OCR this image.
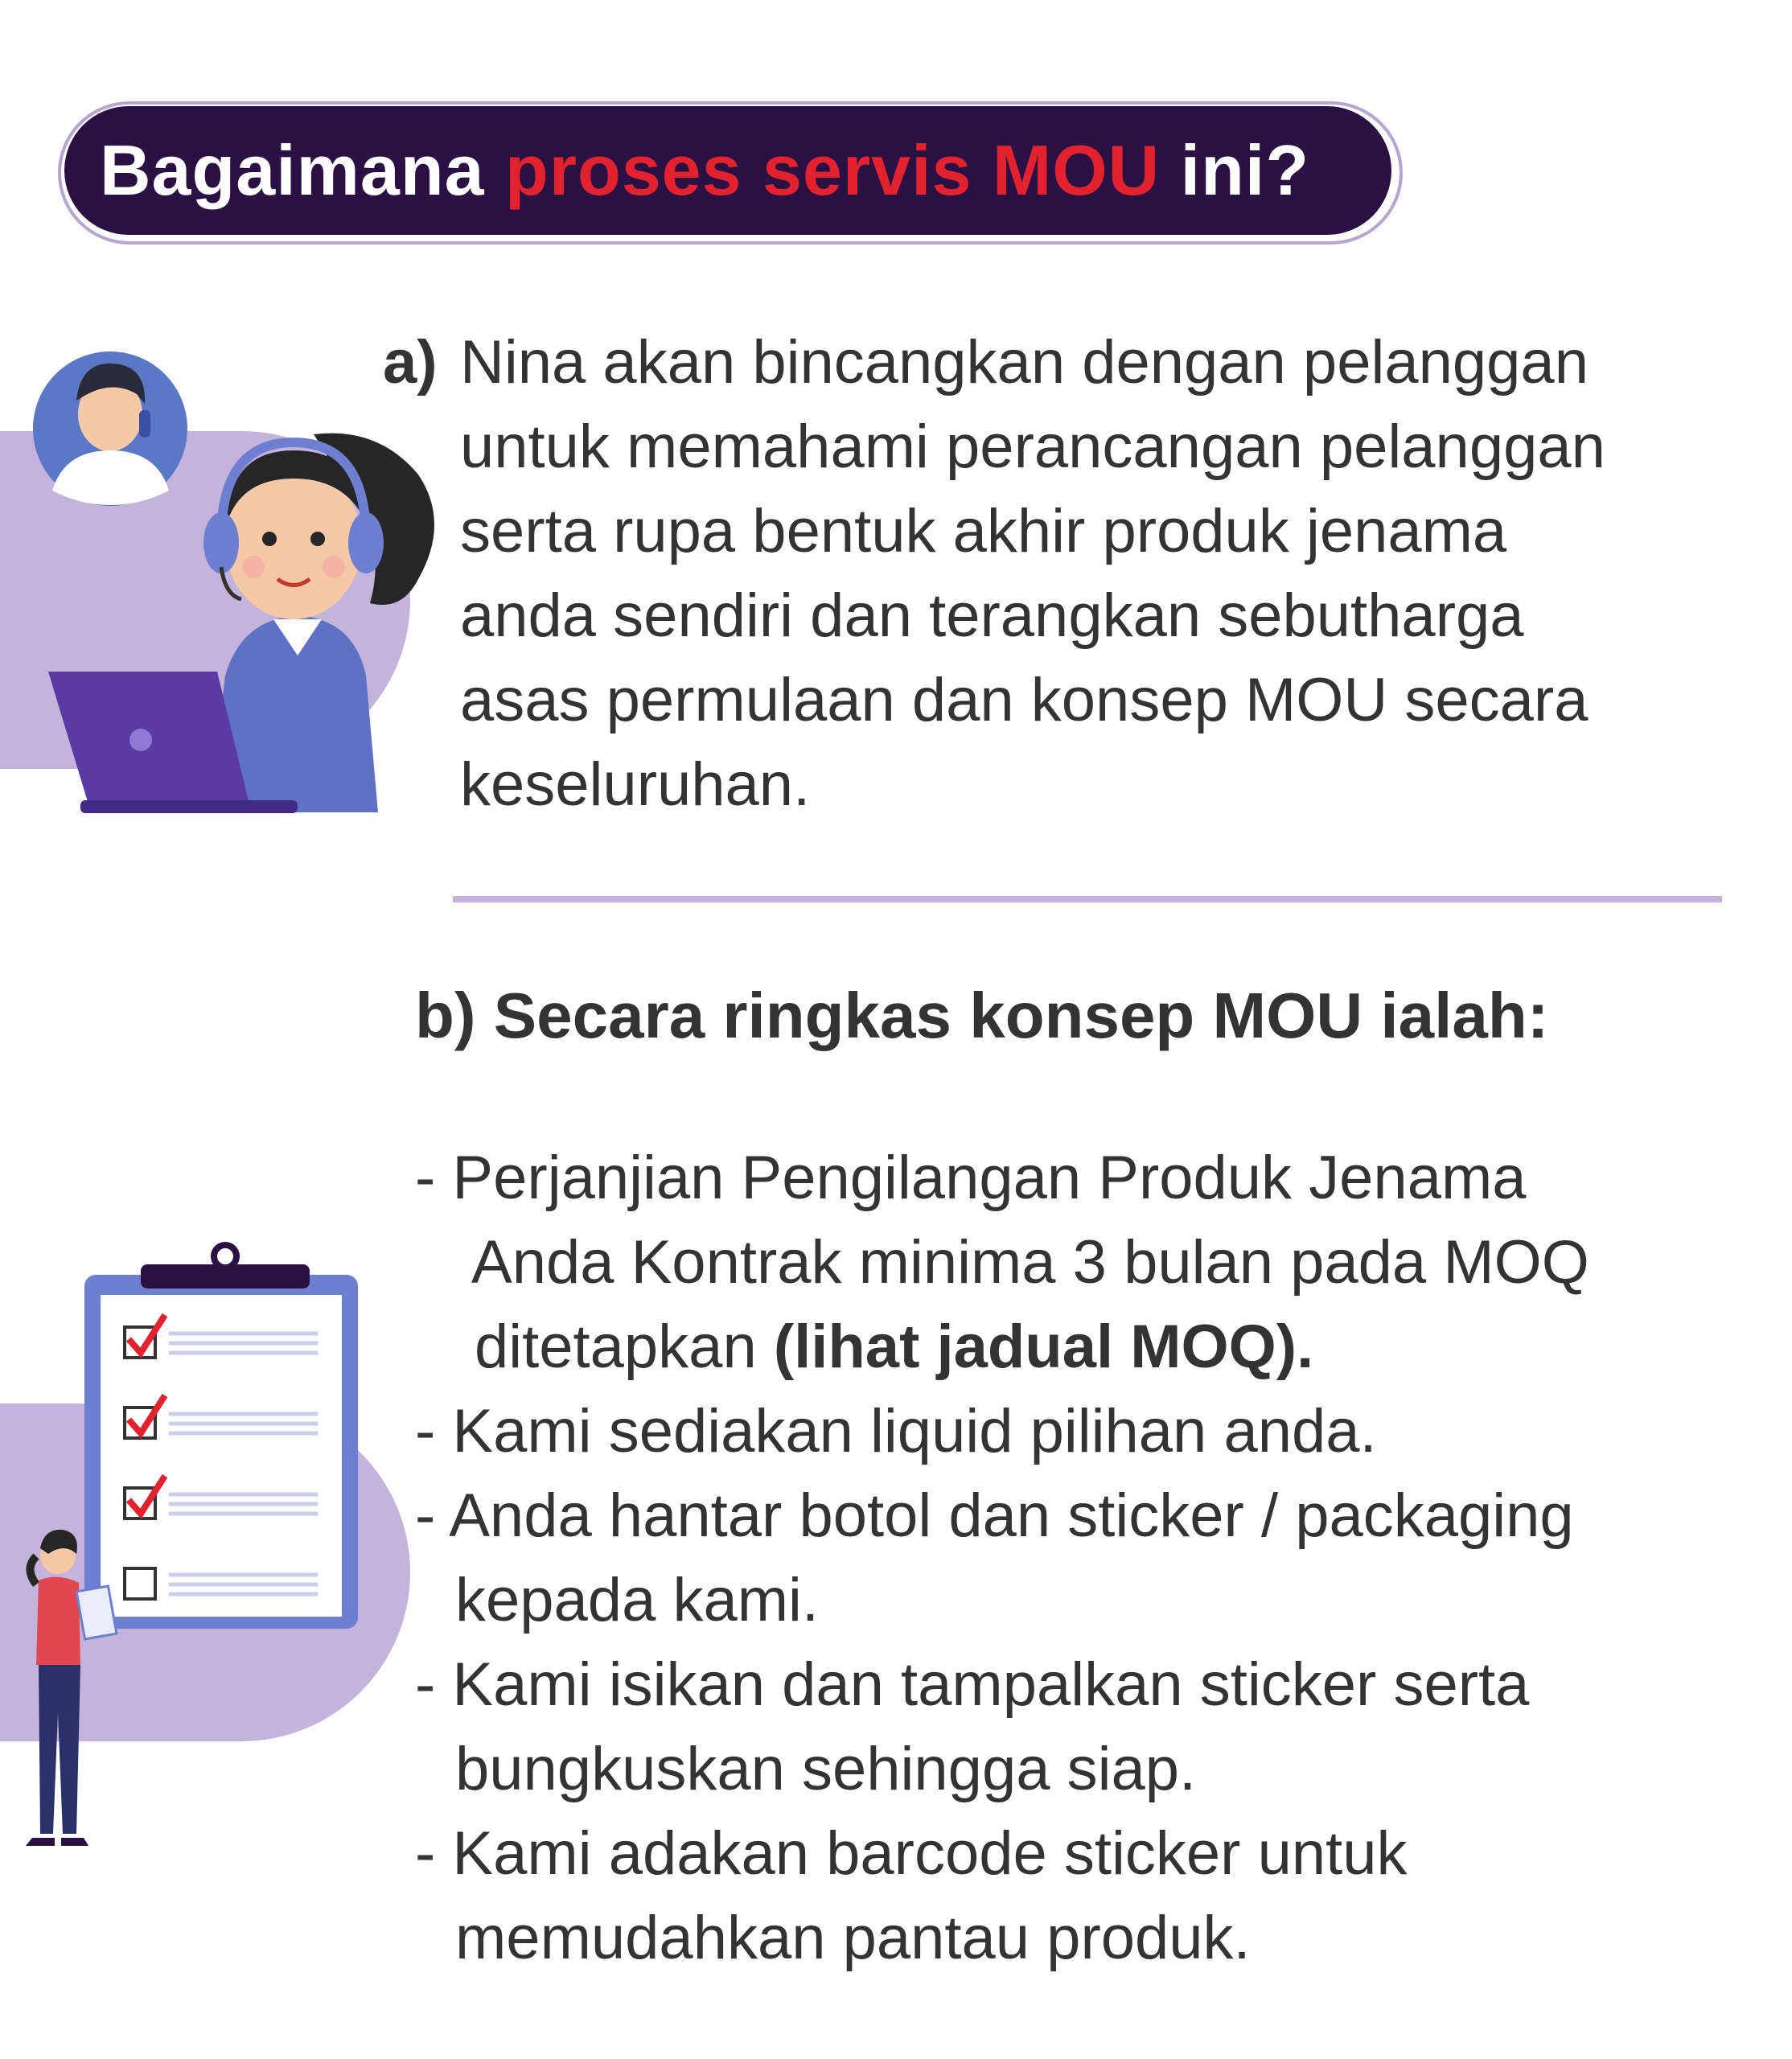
Bagaimana proses servis MOU ini?
a) Nina akan bincangkan dengan pelanggan
untuk memahami perancangan pelanggan
serta rupa bentuk akhir produk jenama
anda sendiri dan terangkan sebutharga
asas permulaan dan konsep MOU secara
keseluruhan.
b) Secara ringkas konsep MOU ialah:
- Perjanjian Pengilangan Produk Jenama
Anda Kontrak minima 3 bulan pada MOQ
ditetapkan (lihat jadual MOQ).
- Kami sediakan liquid pilihan anda.
- Anda hantar botol dan sticker / packaging
kepada kami.
- Kami isikan dan tampalkan sticker serta
bungkuskan sehingga siap.
- Kami adakan barcode sticker untuk
memudahkan pantau produk.
